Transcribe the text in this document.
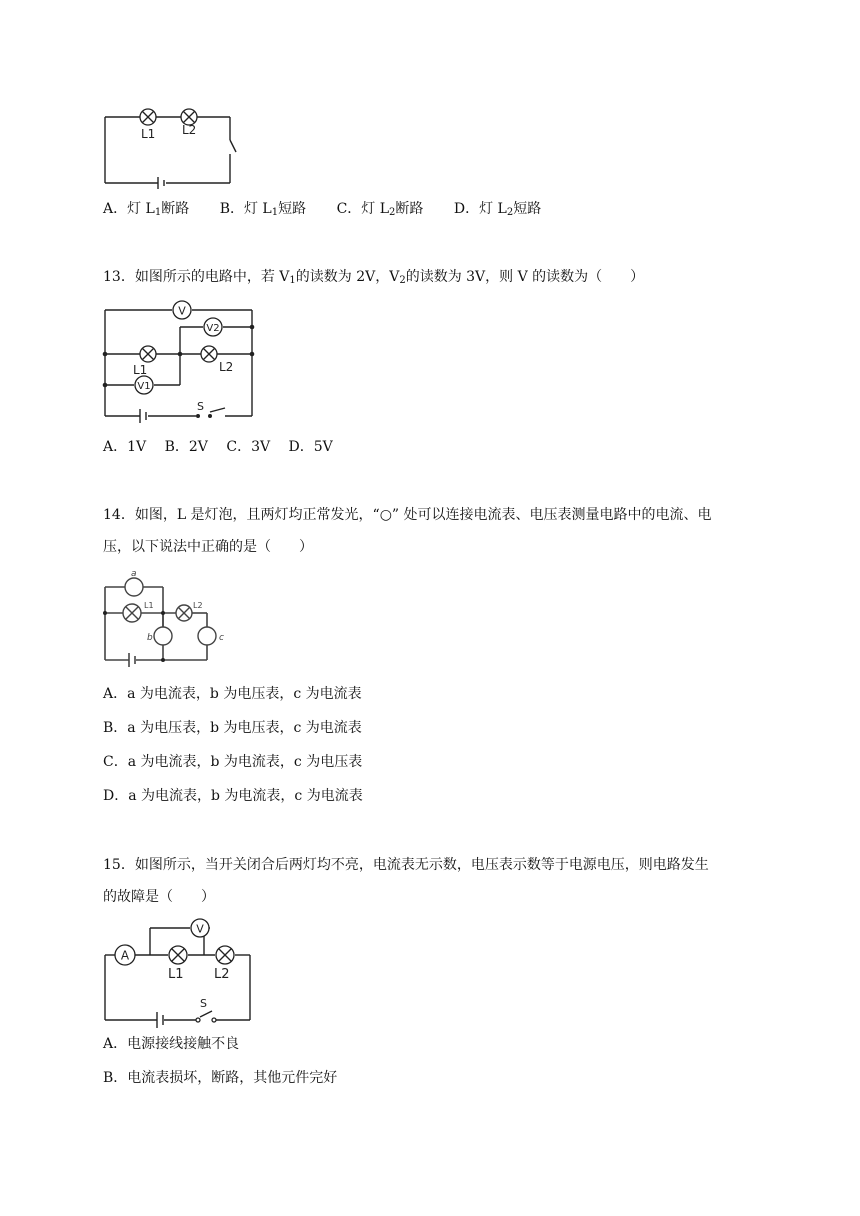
L1 L2
A．灯 $L_1$断路 B．灯 $L_1$短路 C．灯 $L_2$断路 D．灯 $L_2$短路
13．如图所示的电路中，若 $V_1$的读数为 2V，$V_2$的读数为 3V，则 V 的读数为（　　）
V
V2
V1
L1	L2
S
A．1V B．2V C．3V D．5V
14．如图，L 是灯泡，且两灯均正常发光，“○” 处可以连接电流表、电压表测量电路中的电流、电
压，以下说法中正确的是（　　）
a
L1	L2
b	c
A．a 为电流表，b 为电压表，c 为电流表
B．a 为电压表，b 为电压表，c 为电流表
C．a 为电流表，b 为电流表，c 为电压表
D．a 为电流表，b 为电流表，c 为电流表
15．如图所示，当开关闭合后两灯均不亮，电流表无示数，电压表示数等于电源电压，则电路发生
的故障是（　　）
A
V
L1 L2
S
A．电源接线接触不良
B．电流表损坏，断路，其他元件完好
